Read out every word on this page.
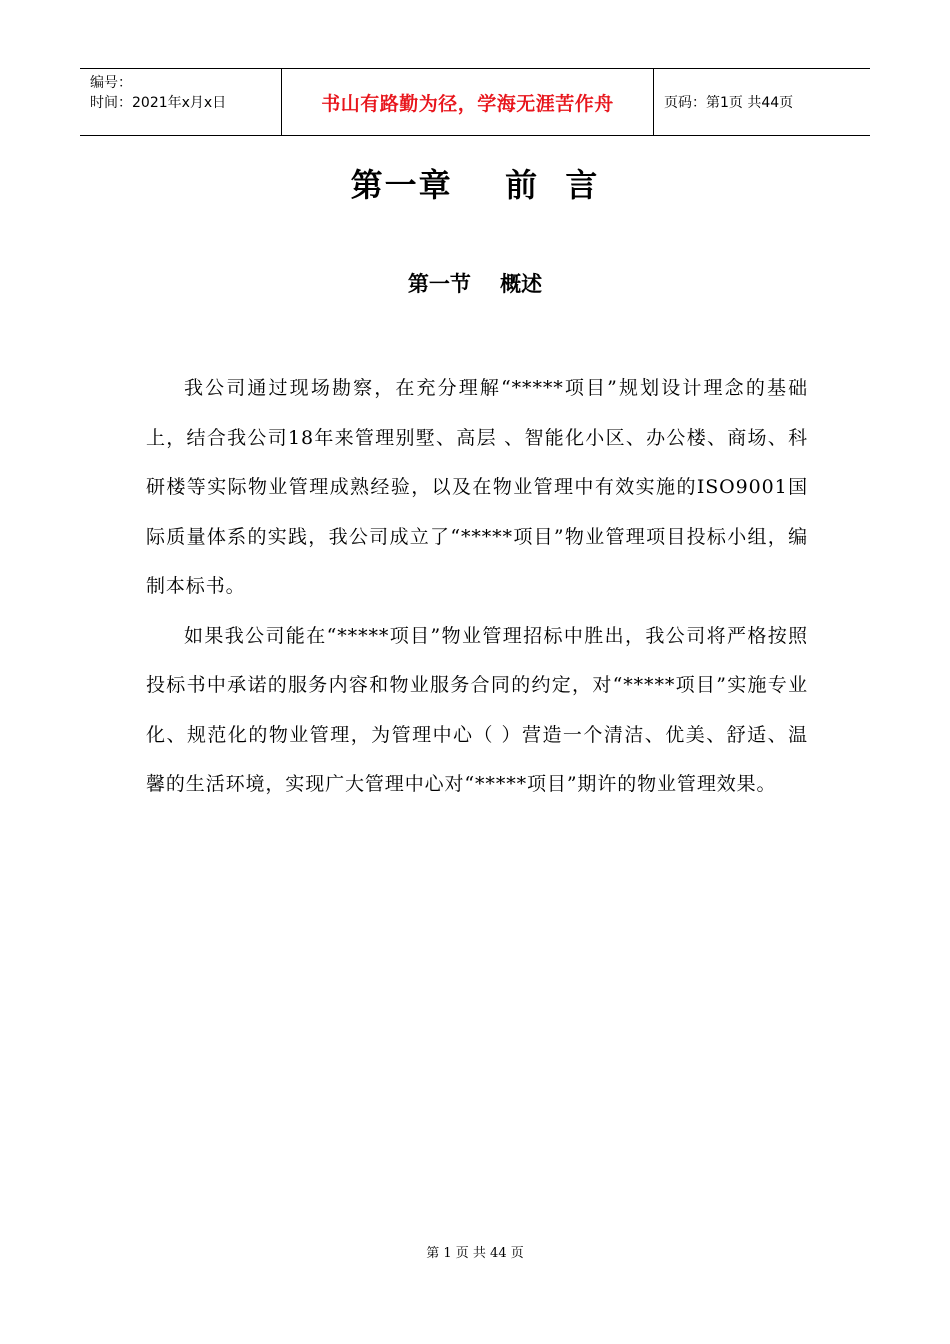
编号：
时间：2021年x月x日	书山有路勤为径，学海无涯苦作舟	页码：第1页 共44页
第一章    前  言
第一节    概述

我公司通过现场勘察，在充分理解“*****项目”规划设计理念的基础上，结合我公司18年来管理别墅、高层 、智能化小区、办公楼、商场、科研楼等实际物业管理成熟经验，以及在物业管理中有效实施的ISO9001国际质量体系的实践，我公司成立了“*****项目”物业管理项目投标小组，编制本标书。

如果我公司能在“*****项目”物业管理招标中胜出，我公司将严格按照投标书中承诺的服务内容和物业服务合同的约定，对“*****项目”实施专业化、规范化的物业管理，为管理中心（ ）营造一个清洁、优美、舒适、温馨的生活环境，实现广大管理中心对“*****项目”期许的物业管理效果。

第 1 页 共 44 页
